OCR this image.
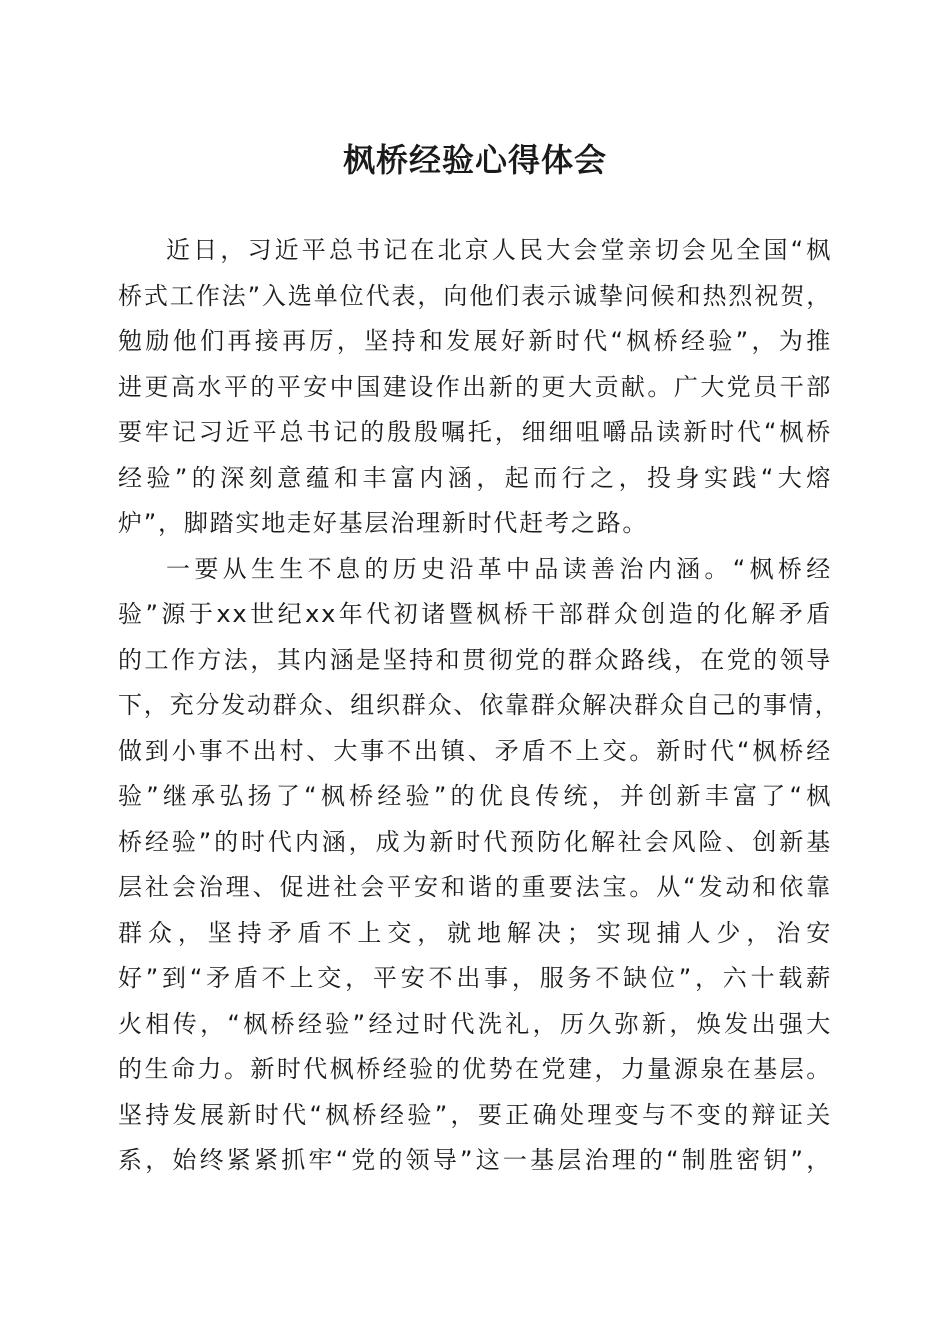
枫桥经验心得体会
近日，习近平总书记在北京人民大会堂亲切会见全国“枫
桥式工作法”入选单位代表，向他们表示诚挚问候和热烈祝贺，
勉励他们再接再厉，坚持和发展好新时代“枫桥经验”，为推
进更高水平的平安中国建设作出新的更大贡献。广大党员干部
要牢记习近平总书记的殷殷嘱托，细细咀嚼品读新时代“枫桥
经验”的深刻意蕴和丰富内涵，起而行之，投身实践“大熔
炉”，脚踏实地走好基层治理新时代赶考之路。
一要从生生不息的历史沿革中品读善治内涵。“枫桥经
验”源于xx世纪xx年代初诸暨枫桥干部群众创造的化解矛盾
的工作方法，其内涵是坚持和贯彻党的群众路线，在党的领导
下，充分发动群众、组织群众、依靠群众解决群众自己的事情，
做到小事不出村、大事不出镇、矛盾不上交。新时代“枫桥经
验”继承弘扬了“枫桥经验”的优良传统，并创新丰富了“枫
桥经验”的时代内涵，成为新时代预防化解社会风险、创新基
层社会治理、促进社会平安和谐的重要法宝。从“发动和依靠
群众，坚持矛盾不上交，就地解决；实现捕人少，治安
好”到“矛盾不上交，平安不出事，服务不缺位”，六十载薪
火相传，“枫桥经验”经过时代洗礼，历久弥新，焕发出强大
的生命力。新时代枫桥经验的优势在党建，力量源泉在基层。
坚持发展新时代“枫桥经验”，要正确处理变与不变的辩证关
系，始终紧紧抓牢“党的领导”这一基层治理的“制胜密钥”，
